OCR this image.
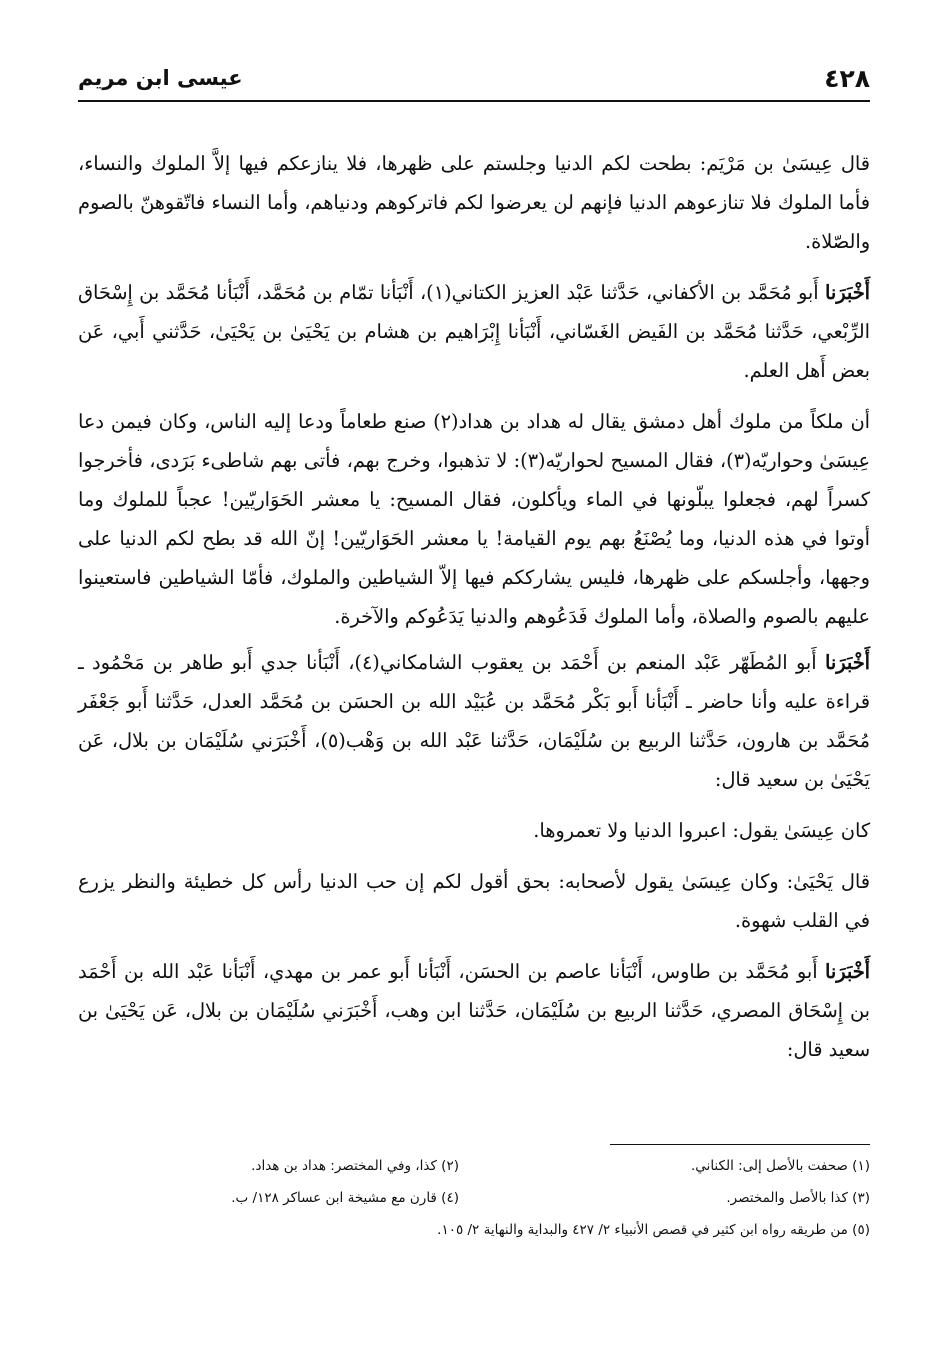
٤٢٨
عيسى ابن مريم

قال عِيسَىٰ بن مَرْيَم: بطحت لكم الدنيا وجلستم على ظهرها، فلا ينازعكم فيها إلاَّ الملوك والنساء، فأما الملوك فلا تنازعوهم الدنيا فإنهم لن يعرضوا لكم فاتركوهم ودنياهم، وأما النساء فاتّقوهنّ بالصوم والصّلاة.

أَخْبَرَنا أَبو مُحَمَّد بن الأكفاني، حَدَّثنا عَبْد العزيز الكتاني(١)، أَنْبَأنا تمّام بن مُحَمَّد، أَنْبَأنا مُحَمَّد بن إِسْحَاق الرِّبْعي، حَدَّثنا مُحَمَّد بن الفَيض الغَسّاني، أَنْبَأنا إِبْرَاهيم بن هشام بن يَحْيَىٰ بن يَحْيَىٰ، حَدَّثني أَبي، عَن بعض أَهل العلم.

أن ملكاً من ملوك أهل دمشق يقال له هداد بن هداد(٢) صنع طعاماً ودعا إليه الناس، وكان فيمن دعا عِيسَىٰ وحواريّه(٣)، فقال المسيح لحواريّه(٣): لا تذهبوا، وخرج بهم، فأتى بهم شاطىء بَرَدى، فأخرجوا كسراً لهم، فجعلوا يبلّونها في الماء ويأكلون، فقال المسيح: يا معشر الحَوَاريّين! عجباً للملوك وما أوتوا في هذه الدنيا، وما يُصْنَعُ بهم يوم القيامة! يا معشر الحَوَاريّين! إنّ الله قد بطح لكم الدنيا على وجهها، وأجلسكم على ظهرها، فليس يشارككم فيها إلاّ الشياطين والملوك، فأمّا الشياطين فاستعينوا عليهم بالصوم والصلاة، وأما الملوك فَدَعُوهم والدنيا يَدَعُوكم والآخرة.

أَخْبَرَنا أَبو المُطَهّر عَبْد المنعم بن أَحْمَد بن يعقوب الشامكاني(٤)، أَنْبَأنا جدي أَبو طاهر بن مَحْمُود ـ قراءة عليه وأنا حاضر ـ أَنْبَأنا أَبو بَكْر مُحَمَّد بن عُبَيْد الله بن الحسَن بن مُحَمَّد العدل، حَدَّثنا أَبو جَعْفَر مُحَمَّد بن هارون، حَدَّثنا الربيع بن سُلَيْمَان، حَدَّثنا عَبْد الله بن وَهْب(٥)، أَخْبَرَني سُلَيْمَان بن بلال، عَن يَحْيَىٰ بن سعيد قال:

كان عِيسَىٰ يقول: اعبروا الدنيا ولا تعمروها.

قال يَحْيَىٰ: وكان عِيسَىٰ يقول لأصحابه: بحق أقول لكم إن حب الدنيا رأس كل خطيئة والنظر يزرع في القلب شهوة.

أَخْبَرَنا أَبو مُحَمَّد بن طاوس، أَنْبَأنا عاصم بن الحسَن، أَنْبَأنا أَبو عمر بن مهدي، أَنْبَأنا عَبْد الله بن أَحْمَد بن إِسْحَاق المصري، حَدَّثنا الربيع بن سُلَيْمَان، حَدَّثنا ابن وهب، أَخْبَرَني سُلَيْمَان بن بلال، عَن يَحْيَىٰ بن سعيد قال:

(١) صحفت بالأصل إلى: الكناني.
(٢) كذا، وفي المختصر: هداد بن هداد.
(٣) كذا بالأصل والمختصر.
(٤) قارن مع مشيخة ابن عساكر ١٢٨/ ب.
(٥) من طريقه رواه ابن كثير في قصص الأنبياء ٢/ ٤٢٧ والبداية والنهاية ٢/ ١٠٥.
